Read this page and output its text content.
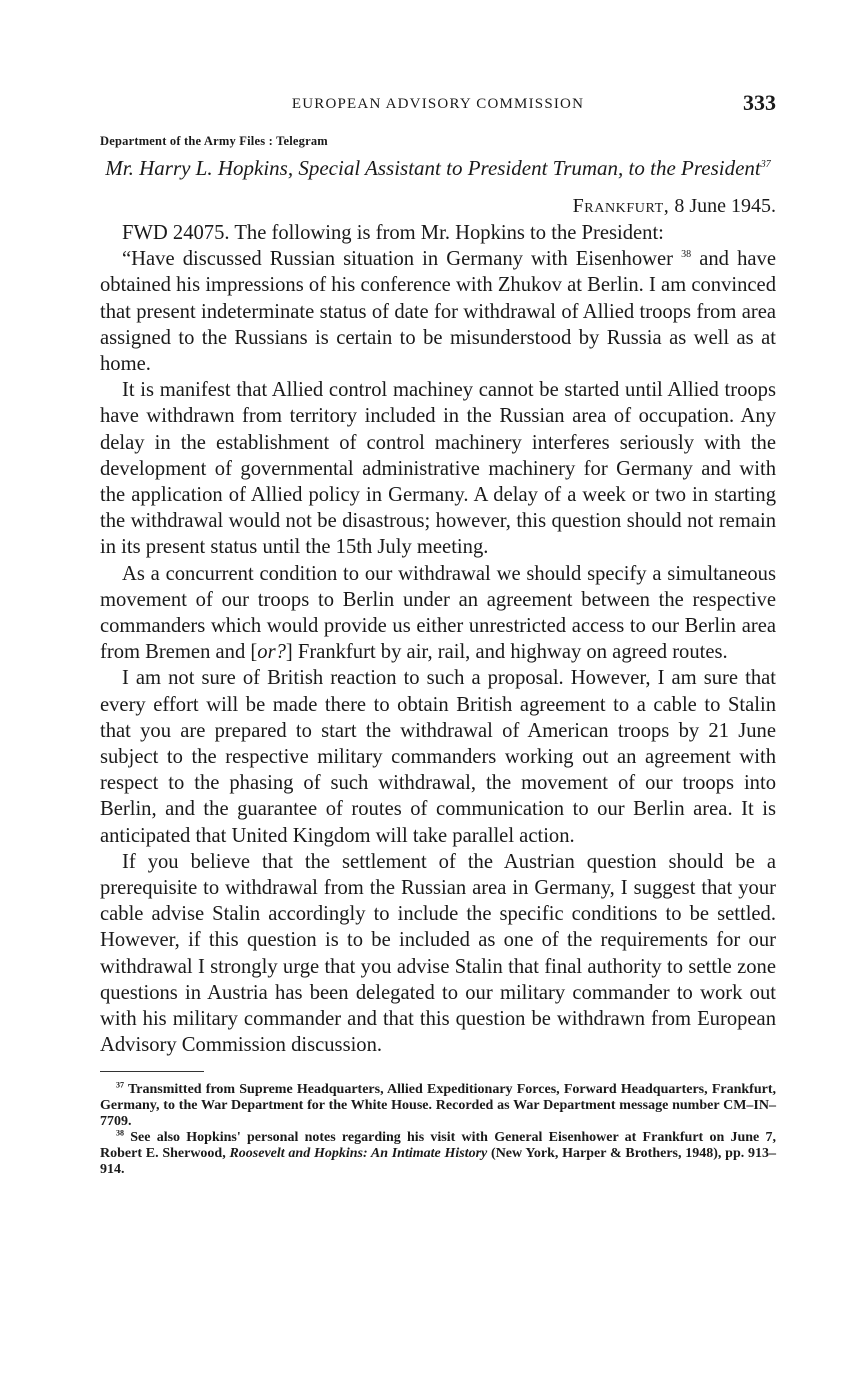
EUROPEAN ADVISORY COMMISSION	333
Department of the Army Files : Telegram
Mr. Harry L. Hopkins, Special Assistant to President Truman, to the President$^{37}$
Frankfurt, 8 June 1945.

FWD 24075. The following is from Mr. Hopkins to the President:

“Have discussed Russian situation in Germany with Eisenhower $^{38}$ and have obtained his impressions of his conference with Zhukov at Berlin. I am convinced that present indeterminate status of date for withdrawal of Allied troops from area assigned to the Russians is certain to be misunderstood by Russia as well as at home.

It is manifest that Allied control machiney cannot be started until Allied troops have withdrawn from territory included in the Russian area of occupation. Any delay in the establishment of control machinery interferes seriously with the development of governmental administrative machinery for Germany and with the application of Allied policy in Germany. A delay of a week or two in starting the withdrawal would not be disastrous; however, this question should not remain in its present status until the 15th July meeting.

As a concurrent condition to our withdrawal we should specify a simultaneous movement of our troops to Berlin under an agreement between the respective commanders which would provide us either unrestricted access to our Berlin area from Bremen and [or?] Frankfurt by air, rail, and highway on agreed routes.

I am not sure of British reaction to such a proposal. However, I am sure that every effort will be made there to obtain British agreement to a cable to Stalin that you are prepared to start the withdrawal of American troops by 21 June subject to the respective military commanders working out an agreement with respect to the phasing of such withdrawal, the movement of our troops into Berlin, and the guarantee of routes of communication to our Berlin area. It is anticipated that United Kingdom will take parallel action.

If you believe that the settlement of the Austrian question should be a prerequisite to withdrawal from the Russian area in Germany, I suggest that your cable advise Stalin accordingly to include the specific conditions to be settled. However, if this question is to be included as one of the requirements for our withdrawal I strongly urge that you advise Stalin that final authority to settle zone questions in Austria has been delegated to our military commander to work out with his military commander and that this question be withdrawn from European Advisory Commission discussion.

$^{37}$ Transmitted from Supreme Headquarters, Allied Expeditionary Forces, Forward Headquarters, Frankfurt, Germany, to the War Department for the White House. Recorded as War Department message number CM–IN–7709.

$^{38}$ See also Hopkins' personal notes regarding his visit with General Eisenhower at Frankfurt on June 7, Robert E. Sherwood, Roosevelt and Hopkins: An Intimate History (New York, Harper & Brothers, 1948), pp. 913–914.
